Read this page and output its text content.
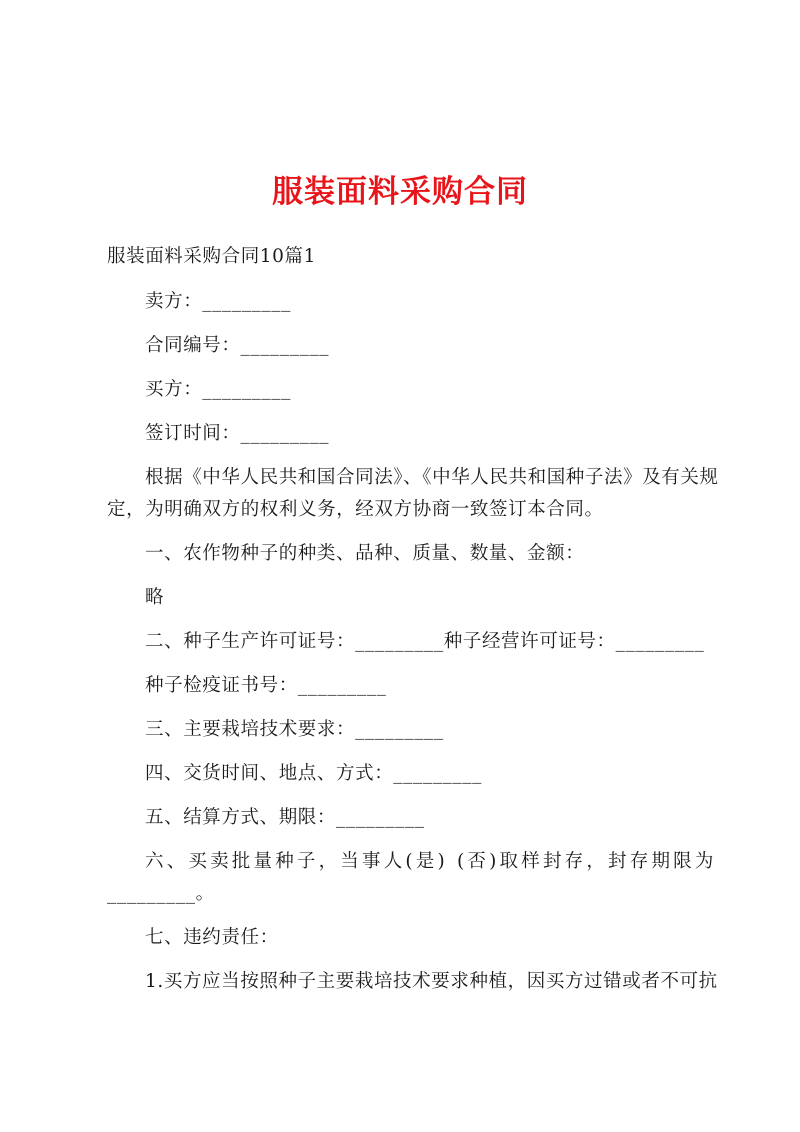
服装面料采购合同
服装面料采购合同10篇1
卖方：_________
合同编号：_________
买方：_________
签订时间：_________
根据《中华人民共和国合同法》、《中华人民共和国种子法》及有关规
定，为明确双方的权利义务，经双方协商一致签订本合同。
一、农作物种子的种类、品种、质量、数量、金额：
略
二、种子生产许可证号：_________种子经营许可证号：_________
种子检疫证书号：_________
三、主要栽培技术要求：_________
四、交货时间、地点、方式：_________
五、结算方式、期限：_________
六、买卖批量种子，当事人(是) (否)取样封存，封存期限为
_________。
七、违约责任：
1.买方应当按照种子主要栽培技术要求种植，因买方过错或者不可抗
